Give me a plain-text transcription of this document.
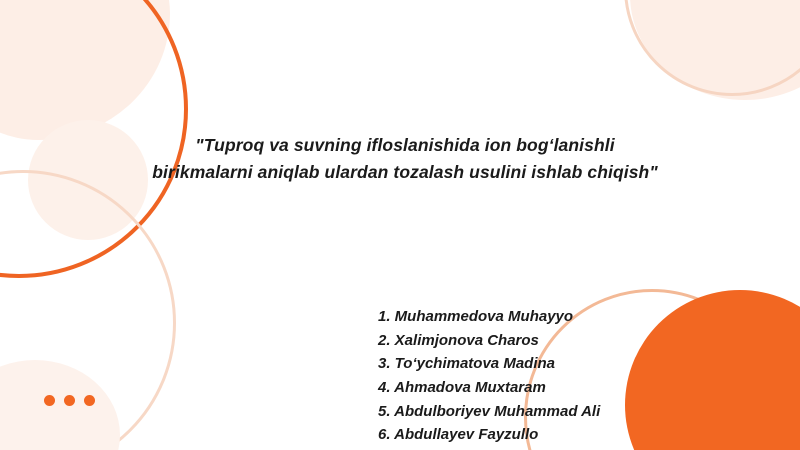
"Tuproq va suvning ifloslanishida ion bog‘lanishli birikmalarni aniqlab ulardan tozalash usulini ishlab chiqish"
1. Muhammedova Muhayyo
2. Xalimjonova Charos
3. To‘ychimatova Madina
4. Ahmadova Muxtaram
5. Abdulboriyev Muhammad Ali
6. Abdullayev Fayzullo
